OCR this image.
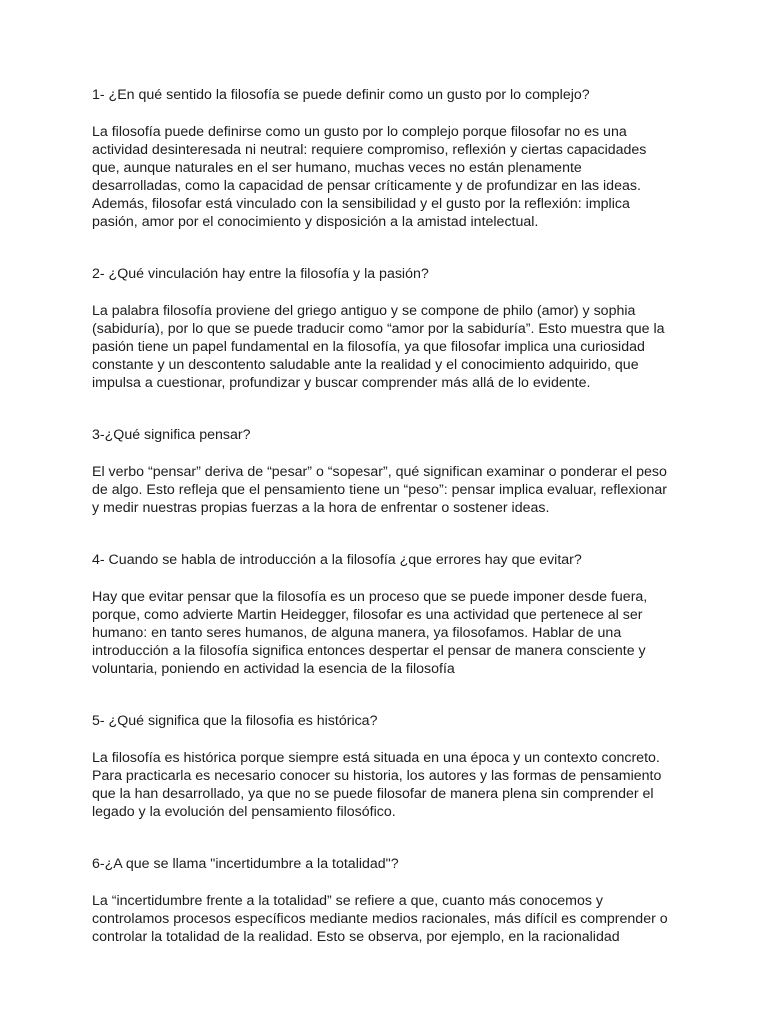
1- ¿En qué sentido la filosofía se puede definir como un gusto por lo complejo?

La filosofía puede definirse como un gusto por lo complejo porque filosofar no es una
actividad desinteresada ni neutral: requiere compromiso, reflexión y ciertas capacidades
que, aunque naturales en el ser humano, muchas veces no están plenamente
desarrolladas, como la capacidad de pensar críticamente y de profundizar en las ideas.
Además, filosofar está vinculado con la sensibilidad y el gusto por la reflexión: implica
pasión, amor por el conocimiento y disposición a la amistad intelectual.

2- ¿Qué vinculación hay entre la filosofía y la pasión?

La palabra filosofía proviene del griego antiguo y se compone de philo (amor) y sophia
(sabiduría), por lo que se puede traducir como “amor por la sabiduría”. Esto muestra que la
pasión tiene un papel fundamental en la filosofía, ya que filosofar implica una curiosidad
constante y un descontento saludable ante la realidad y el conocimiento adquirido, que
impulsa a cuestionar, profundizar y buscar comprender más allá de lo evidente.

3-¿Qué significa pensar?

El verbo “pensar” deriva de “pesar” o “sopesar”, qué significan examinar o ponderar el peso
de algo. Esto refleja que el pensamiento tiene un “peso”: pensar implica evaluar, reflexionar
y medir nuestras propias fuerzas a la hora de enfrentar o sostener ideas.

4- Cuando se habla de introducción a la filosofía ¿que errores hay que evitar?

Hay que evitar pensar que la filosofía es un proceso que se puede imponer desde fuera,
porque, como advierte Martin Heidegger, filosofar es una actividad que pertenece al ser
humano: en tanto seres humanos, de alguna manera, ya filosofamos. Hablar de una
introducción a la filosofía significa entonces despertar el pensar de manera consciente y
voluntaria, poniendo en actividad la esencia de la filosofía

5- ¿Qué significa que la filosofia es histórica?

La filosofía es histórica porque siempre está situada en una época y un contexto concreto.
Para practicarla es necesario conocer su historia, los autores y las formas de pensamiento
que la han desarrollado, ya que no se puede filosofar de manera plena sin comprender el
legado y la evolución del pensamiento filosófico.

6-¿A que se llama "incertidumbre a la totalidad"?

La “incertidumbre frente a la totalidad” se refiere a que, cuanto más conocemos y
controlamos procesos específicos mediante medios racionales, más difícil es comprender o
controlar la totalidad de la realidad. Esto se observa, por ejemplo, en la racionalidad
